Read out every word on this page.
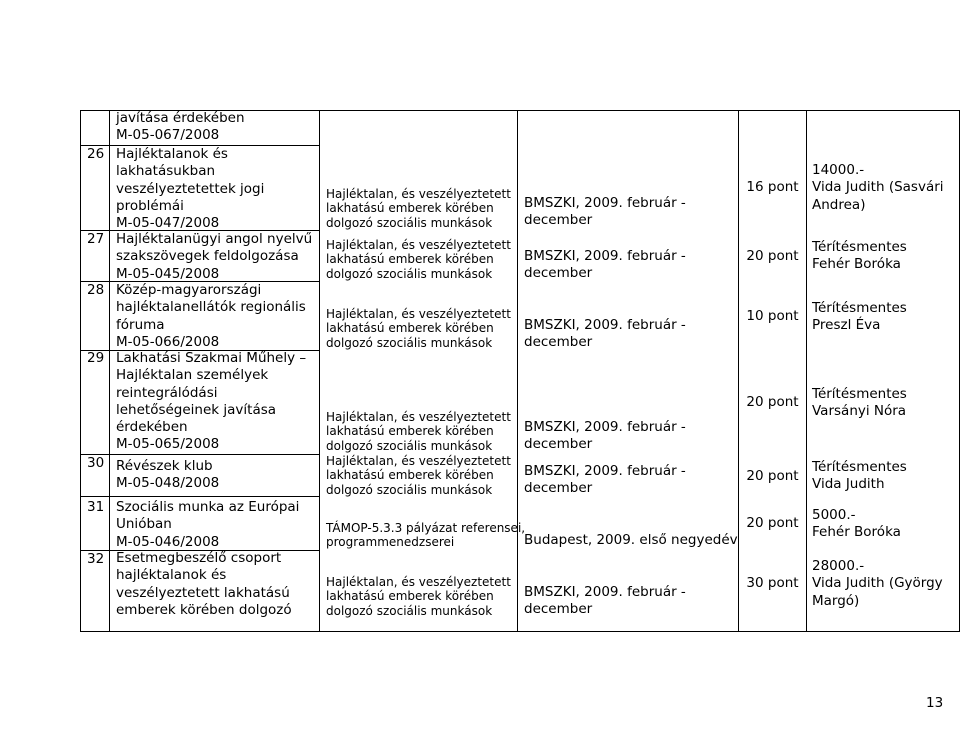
javítása érdekében
M-05-067/2008
26 Hajléktalanok és
lakhatásukban
veszélyeztetettek jogi
problémái
M-05-047/2008
Hajléktalan, és veszélyeztetett
lakhatású emberek körében
dolgozó szociális munkások
BMSZKI, 2009. február -
december
16 pont
14000.-
Vida Judith (Sasvári
Andrea)
27 Hajléktalanügyi angol nyelvű
szakszövegek feldolgozása
M-05-045/2008
Hajléktalan, és veszélyeztetett
lakhatású emberek körében
dolgozó szociális munkások
BMSZKI, 2009. február -
december
20 pont
Térítésmentes
Fehér Boróka
28 Közép-magyarországi
hajléktalanellátók regionális
fóruma
M-05-066/2008
Hajléktalan, és veszélyeztetett
lakhatású emberek körében
dolgozó szociális munkások
BMSZKI, 2009. február -
december
10 pont Térítésmentes
Preszl Éva
29 Lakhatási Szakmai Műhely –
Hajléktalan személyek
reintegrálódási
lehetőségeinek javítása
érdekében
M-05-065/2008
Hajléktalan, és veszélyeztetett
lakhatású emberek körében
dolgozó szociális munkások
BMSZKI, 2009. február -
december
20 pont Térítésmentes
Varsányi Nóra
30 Révészek klub
M-05-048/2008
Hajléktalan, és veszélyeztetett
lakhatású emberek körében
dolgozó szociális munkások
BMSZKI, 2009. február -
december
20 pont
Térítésmentes
Vida Judith
31 Szociális munka az Európai
Unióban
M-05-046/2008
TÁMOP-5.3.3 pályázat referensei,
programmenedzserei	Budapest, 2009. első negyedév
20 pont 5000.-
Fehér Boróka
32 Esetmegbeszélő csoport
hajléktalanok és
veszélyeztetett lakhatású
emberek körében dolgozó
Hajléktalan, és veszélyeztetett
lakhatású emberek körében
dolgozó szociális munkások
BMSZKI, 2009. február -
december
30 pont
28000.-
Vida Judith (György
Margó)
13
